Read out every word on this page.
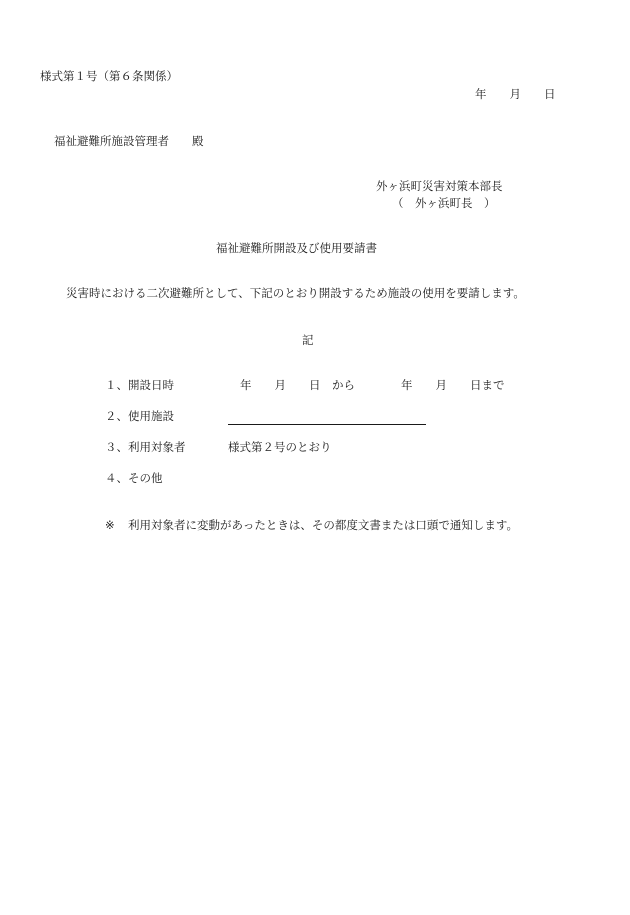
様式第１号（第６条関係）

年　　月　　日

福祉避難所施設管理者　　殿

外ヶ浜町災害対策本部長

（　外ヶ浜町長　）

福祉避難所開設及び使用要請書

災害時における二次避難所として、下記のとおり開設するため施設の使用を要請します。

記

１、開設日時	年　　月　　日　から	年　　月　　日まで

２、使用施設

３、利用対象者	様式第２号のとおり

４、その他

※ 利用対象者に変動があったときは、その都度文書または口頭で通知します。
